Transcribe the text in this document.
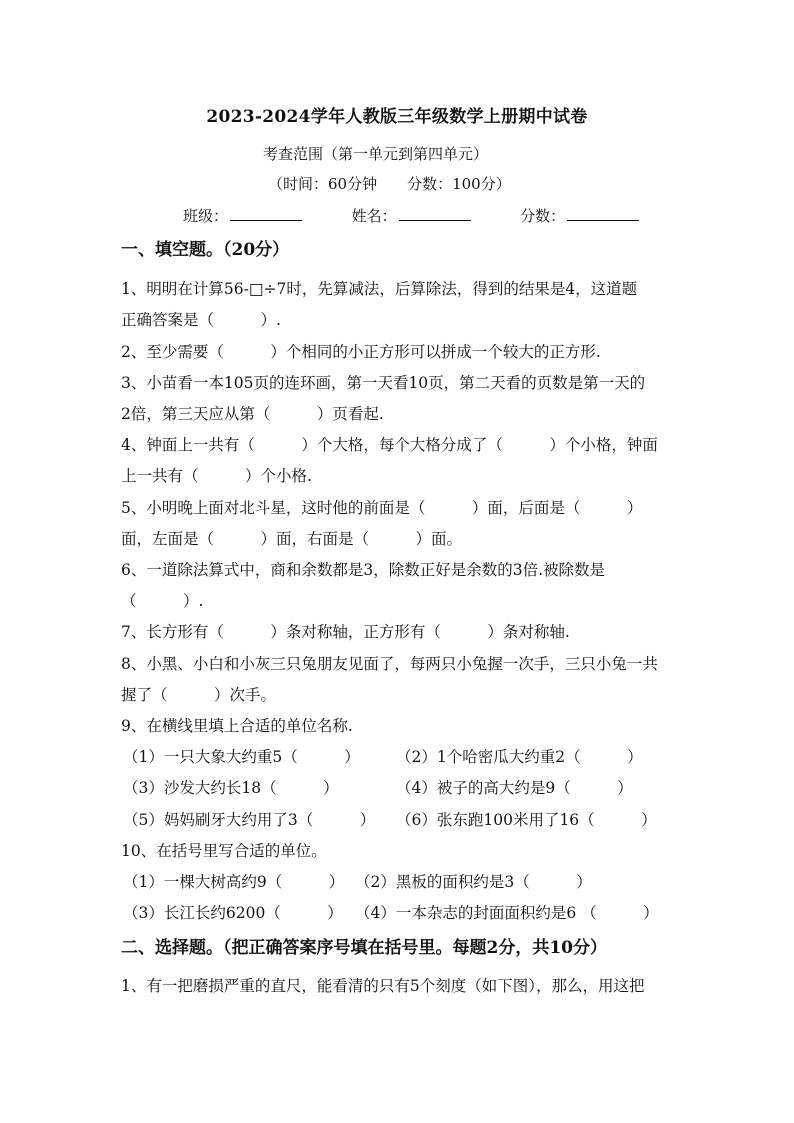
2023-2024学年人教版三年级数学上册期中试卷
考查范围（第一单元到第四单元）
（时间：60分钟　　分数：100分）
班级：	姓名：	分数：
一、填空题。（20分）
1、明明在计算56-□÷7时，先算减法，后算除法，得到的结果是4，这道题
正确答案是（　　　）.
2、至少需要（　　　）个相同的小正方形可以拼成一个较大的正方形.
3、小苗看一本105页的连环画，第一天看10页，第二天看的页数是第一天的
2倍，第三天应从第（　　　）页看起.
4、钟面上一共有（　　　）个大格，每个大格分成了（　　　）个小格，钟面
上一共有（　　　）个小格.
5、小明晚上面对北斗星，这时他的前面是（　　　）面，后面是（　　　）
面，左面是（　　　）面，右面是（　　　）面。
6、一道除法算式中，商和余数都是3，除数正好是余数的3倍.被除数是
（　　　）.
7、长方形有（　　　）条对称轴，正方形有（　　　）条对称轴.
8、小黑、小白和小灰三只兔朋友见面了，每两只小兔握一次手，三只小兔一共
握了（　　　）次手。
9、在横线里填上合适的单位名称.
（1）一只大象大约重5（　　　） （2）1个哈密瓜大约重2（　　　）
（3）沙发大约长18（　　　）	（4）被子的高大约是9（　　　）
（5）妈妈刷牙大约用了3（　　　） （6）张东跑100米用了16（　　　）
10、在括号里写合适的单位。
（1）一棵大树高约9（　　　） （2）黑板的面积约是3（　　　）
（3）长江长约6200（　　　） （4）一本杂志的封面面积约是6 （　　　）
二、选择题。（把正确答案序号填在括号里。每题2分，共10分）
1、有一把磨损严重的直尺，能看清的只有5个刻度（如下图），那么，用这把
